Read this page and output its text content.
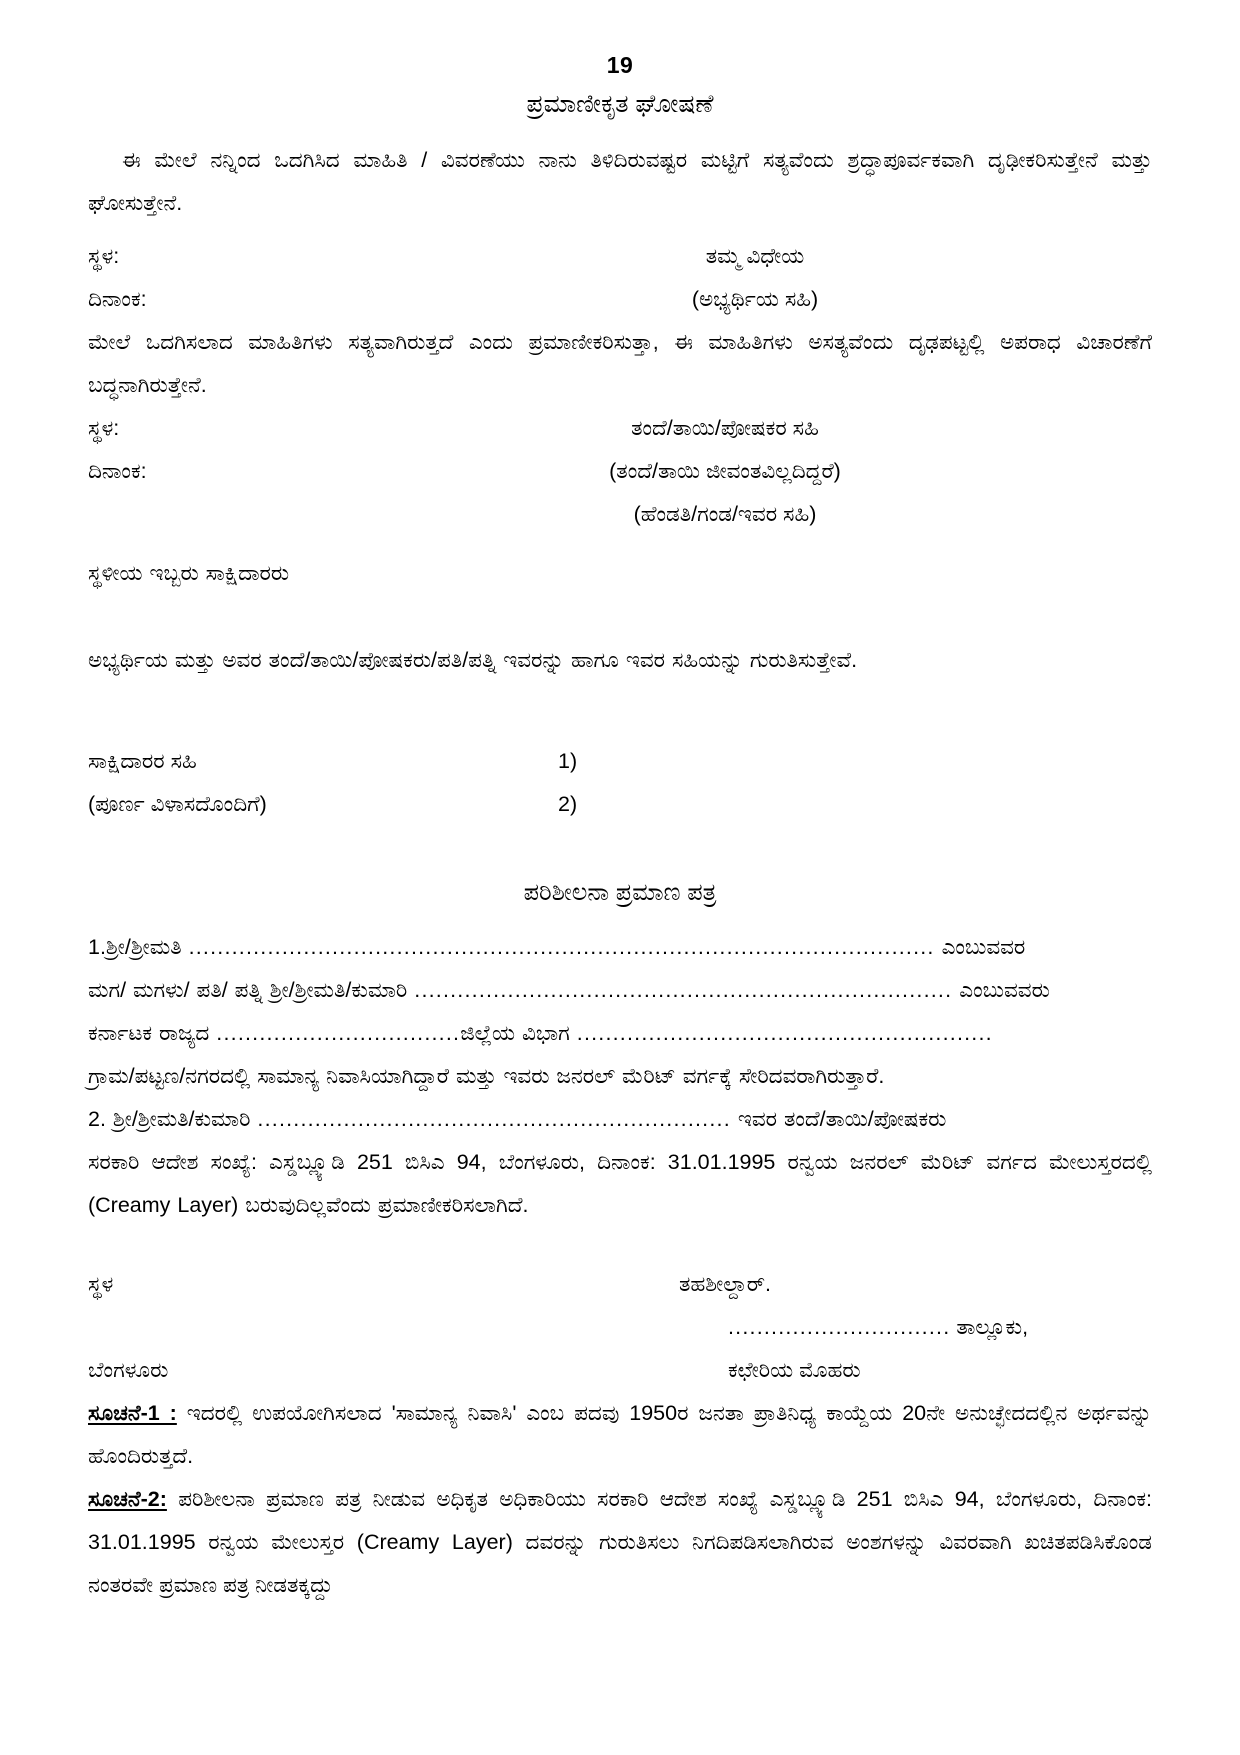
19
ಪ್ರಮಾಣೀಕೃತ ಘೋಷಣೆ

ಈ ಮೇಲೆ ನನ್ನಿಂದ ಒದಗಿಸಿದ ಮಾಹಿತಿ / ವಿವರಣೆಯು ನಾನು ತಿಳಿದಿರುವಷ್ಟರ ಮಟ್ಟಿಗೆ ಸತ್ಯವೆಂದು ಶ್ರದ್ಧಾಪೂರ್ವಕವಾಗಿ ದೃಢೀಕರಿಸುತ್ತೇನೆ ಮತ್ತು ಘೋಸುತ್ತೇನೆ.

ಸ್ಥಳ:	ತಮ್ಮ ವಿಧೇಯ
ದಿನಾಂಕ:	(ಅಭ್ಯರ್ಥಿಯ ಸಹಿ)

ಮೇಲೆ ಒದಗಿಸಲಾದ ಮಾಹಿತಿಗಳು ಸತ್ಯವಾಗಿರುತ್ತದೆ ಎಂದು ಪ್ರಮಾಣೀಕರಿಸುತ್ತಾ, ಈ ಮಾಹಿತಿಗಳು ಅಸತ್ಯವೆಂದು ದೃಢಪಟ್ಟಲ್ಲಿ ಅಪರಾಧ ವಿಚಾರಣೆಗೆ ಬದ್ಧನಾಗಿರುತ್ತೇನೆ.

ಸ್ಥಳ:	ತಂದೆ/ತಾಯಿ/ಪೋಷಕರ ಸಹಿ
ದಿನಾಂಕ:	(ತಂದೆ/ತಾಯಿ ಜೀವಂತವಿಲ್ಲದಿದ್ದರೆ)

(ಹೆಂಡತಿ/ಗಂಡ/ಇವರ ಸಹಿ)

ಸ್ಥಳೀಯ ಇಬ್ಬರು ಸಾಕ್ಷಿದಾರರು

ಅಭ್ಯರ್ಥಿಯ ಮತ್ತು ಅವರ ತಂದೆ/ತಾಯಿ/ಪೋಷಕರು/ಪತಿ/ಪತ್ನಿ ಇವರನ್ನು ಹಾಗೂ ಇವರ ಸಹಿಯನ್ನು ಗುರುತಿಸುತ್ತೇವೆ.

ಸಾಕ್ಷಿದಾರರ ಸಹಿ	1)
(ಪೂರ್ಣ ವಿಳಾಸದೊಂದಿಗೆ)	2)
ಪರಿಶೀಲನಾ ಪ್ರಮಾಣ ಪತ್ರ

1.ಶ್ರೀ/ಶ್ರೀಮತಿ ........................................................................................................ ಎಂಬುವವರ

ಮಗ/ ಮಗಳು/ ಪತಿ/ ಪತ್ನಿ ಶ್ರೀ/ಶ್ರೀಮತಿ/ಕುಮಾರಿ ........................................................................... ಎಂಬುವವರು

ಕರ್ನಾಟಕ ರಾಜ್ಯದ ..................................ಜಿಲ್ಲೆಯ ವಿಭಾಗ ..........................................................

ಗ್ರಾಮ/ಪಟ್ಟಣ/ನಗರದಲ್ಲಿ ಸಾಮಾನ್ಯ ನಿವಾಸಿಯಾಗಿದ್ದಾರೆ ಮತ್ತು ಇವರು ಜನರಲ್ ಮೆರಿಟ್ ವರ್ಗಕ್ಕೆ ಸೇರಿದವರಾಗಿರುತ್ತಾರೆ.

2. ಶ್ರೀ/ಶ್ರೀಮತಿ/ಕುಮಾರಿ .................................................................. ಇವರ ತಂದೆ/ತಾಯಿ/ಪೋಷಕರು

ಸರಕಾರಿ ಆದೇಶ ಸಂಖ್ಯೆ: ಎಸ್ಡಬ್ಲ್ಯೂಡಿ 251 ಬಿಸಿಎ 94, ಬೆಂಗಳೂರು, ದಿನಾಂಕ: 31.01.1995 ರನ್ವಯ ಜನರಲ್ ಮೆರಿಟ್ ವರ್ಗದ ಮೇಲುಸ್ತರದಲ್ಲಿ (Creamy Layer) ಬರುವುದಿಲ್ಲವೆಂದು ಪ್ರಮಾಣೀಕರಿಸಲಾಗಿದೆ.

ಸ್ಥಳ	ತಹಶೀಲ್ದಾರ್.

............................... ತಾಲ್ಲೂಕು,
ಬೆಂಗಳೂರು	ಕಛೇರಿಯ ಮೊಹರು

ಸೂಚನೆ-1 : ಇದರಲ್ಲಿ ಉಪಯೋಗಿಸಲಾದ 'ಸಾಮಾನ್ಯ ನಿವಾಸಿ' ಎಂಬ ಪದವು 1950ರ ಜನತಾ ಪ್ರಾತಿನಿಧ್ಯ ಕಾಯ್ದೆಯ 20ನೇ ಅನುಚ್ಛೇದದಲ್ಲಿನ ಅರ್ಥವನ್ನು ಹೊಂದಿರುತ್ತದೆ.

ಸೂಚನೆ-2: ಪರಿಶೀಲನಾ ಪ್ರಮಾಣ ಪತ್ರ ನೀಡುವ ಅಧಿಕೃತ ಅಧಿಕಾರಿಯು ಸರಕಾರಿ ಆದೇಶ ಸಂಖ್ಯೆ ಎಸ್ಡಬ್ಲ್ಯೂಡಿ 251 ಬಿಸಿಎ 94, ಬೆಂಗಳೂರು, ದಿನಾಂಕ: 31.01.1995 ರನ್ವಯ ಮೇಲುಸ್ತರ (Creamy Layer) ದವರನ್ನು ಗುರುತಿಸಲು ನಿಗದಿಪಡಿಸಲಾಗಿರುವ ಅಂಶಗಳನ್ನು ವಿವರವಾಗಿ ಖಚಿತಪಡಿಸಿಕೊಂಡ ನಂತರವೇ ಪ್ರಮಾಣ ಪತ್ರ ನೀಡತಕ್ಕದ್ದು
